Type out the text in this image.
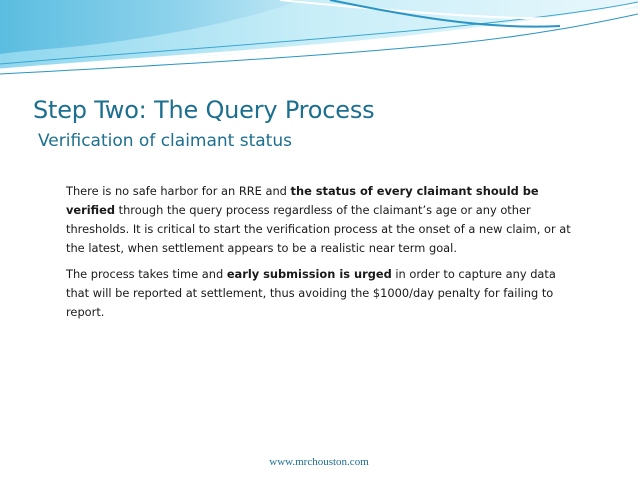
Step Two: The Query Process
Verification of claimant status

There is no safe harbor for an RRE and the status of every claimant should be verified through the query process regardless of the claimant’s age or any other thresholds. It is critical to start the verification process at the onset of a new claim, or at the latest, when settlement appears to be a realistic near term goal.

The process takes time and early submission is urged in order to capture any data that will be reported at settlement, thus avoiding the $1000/day penalty for failing to report.

www.mrchouston.com
